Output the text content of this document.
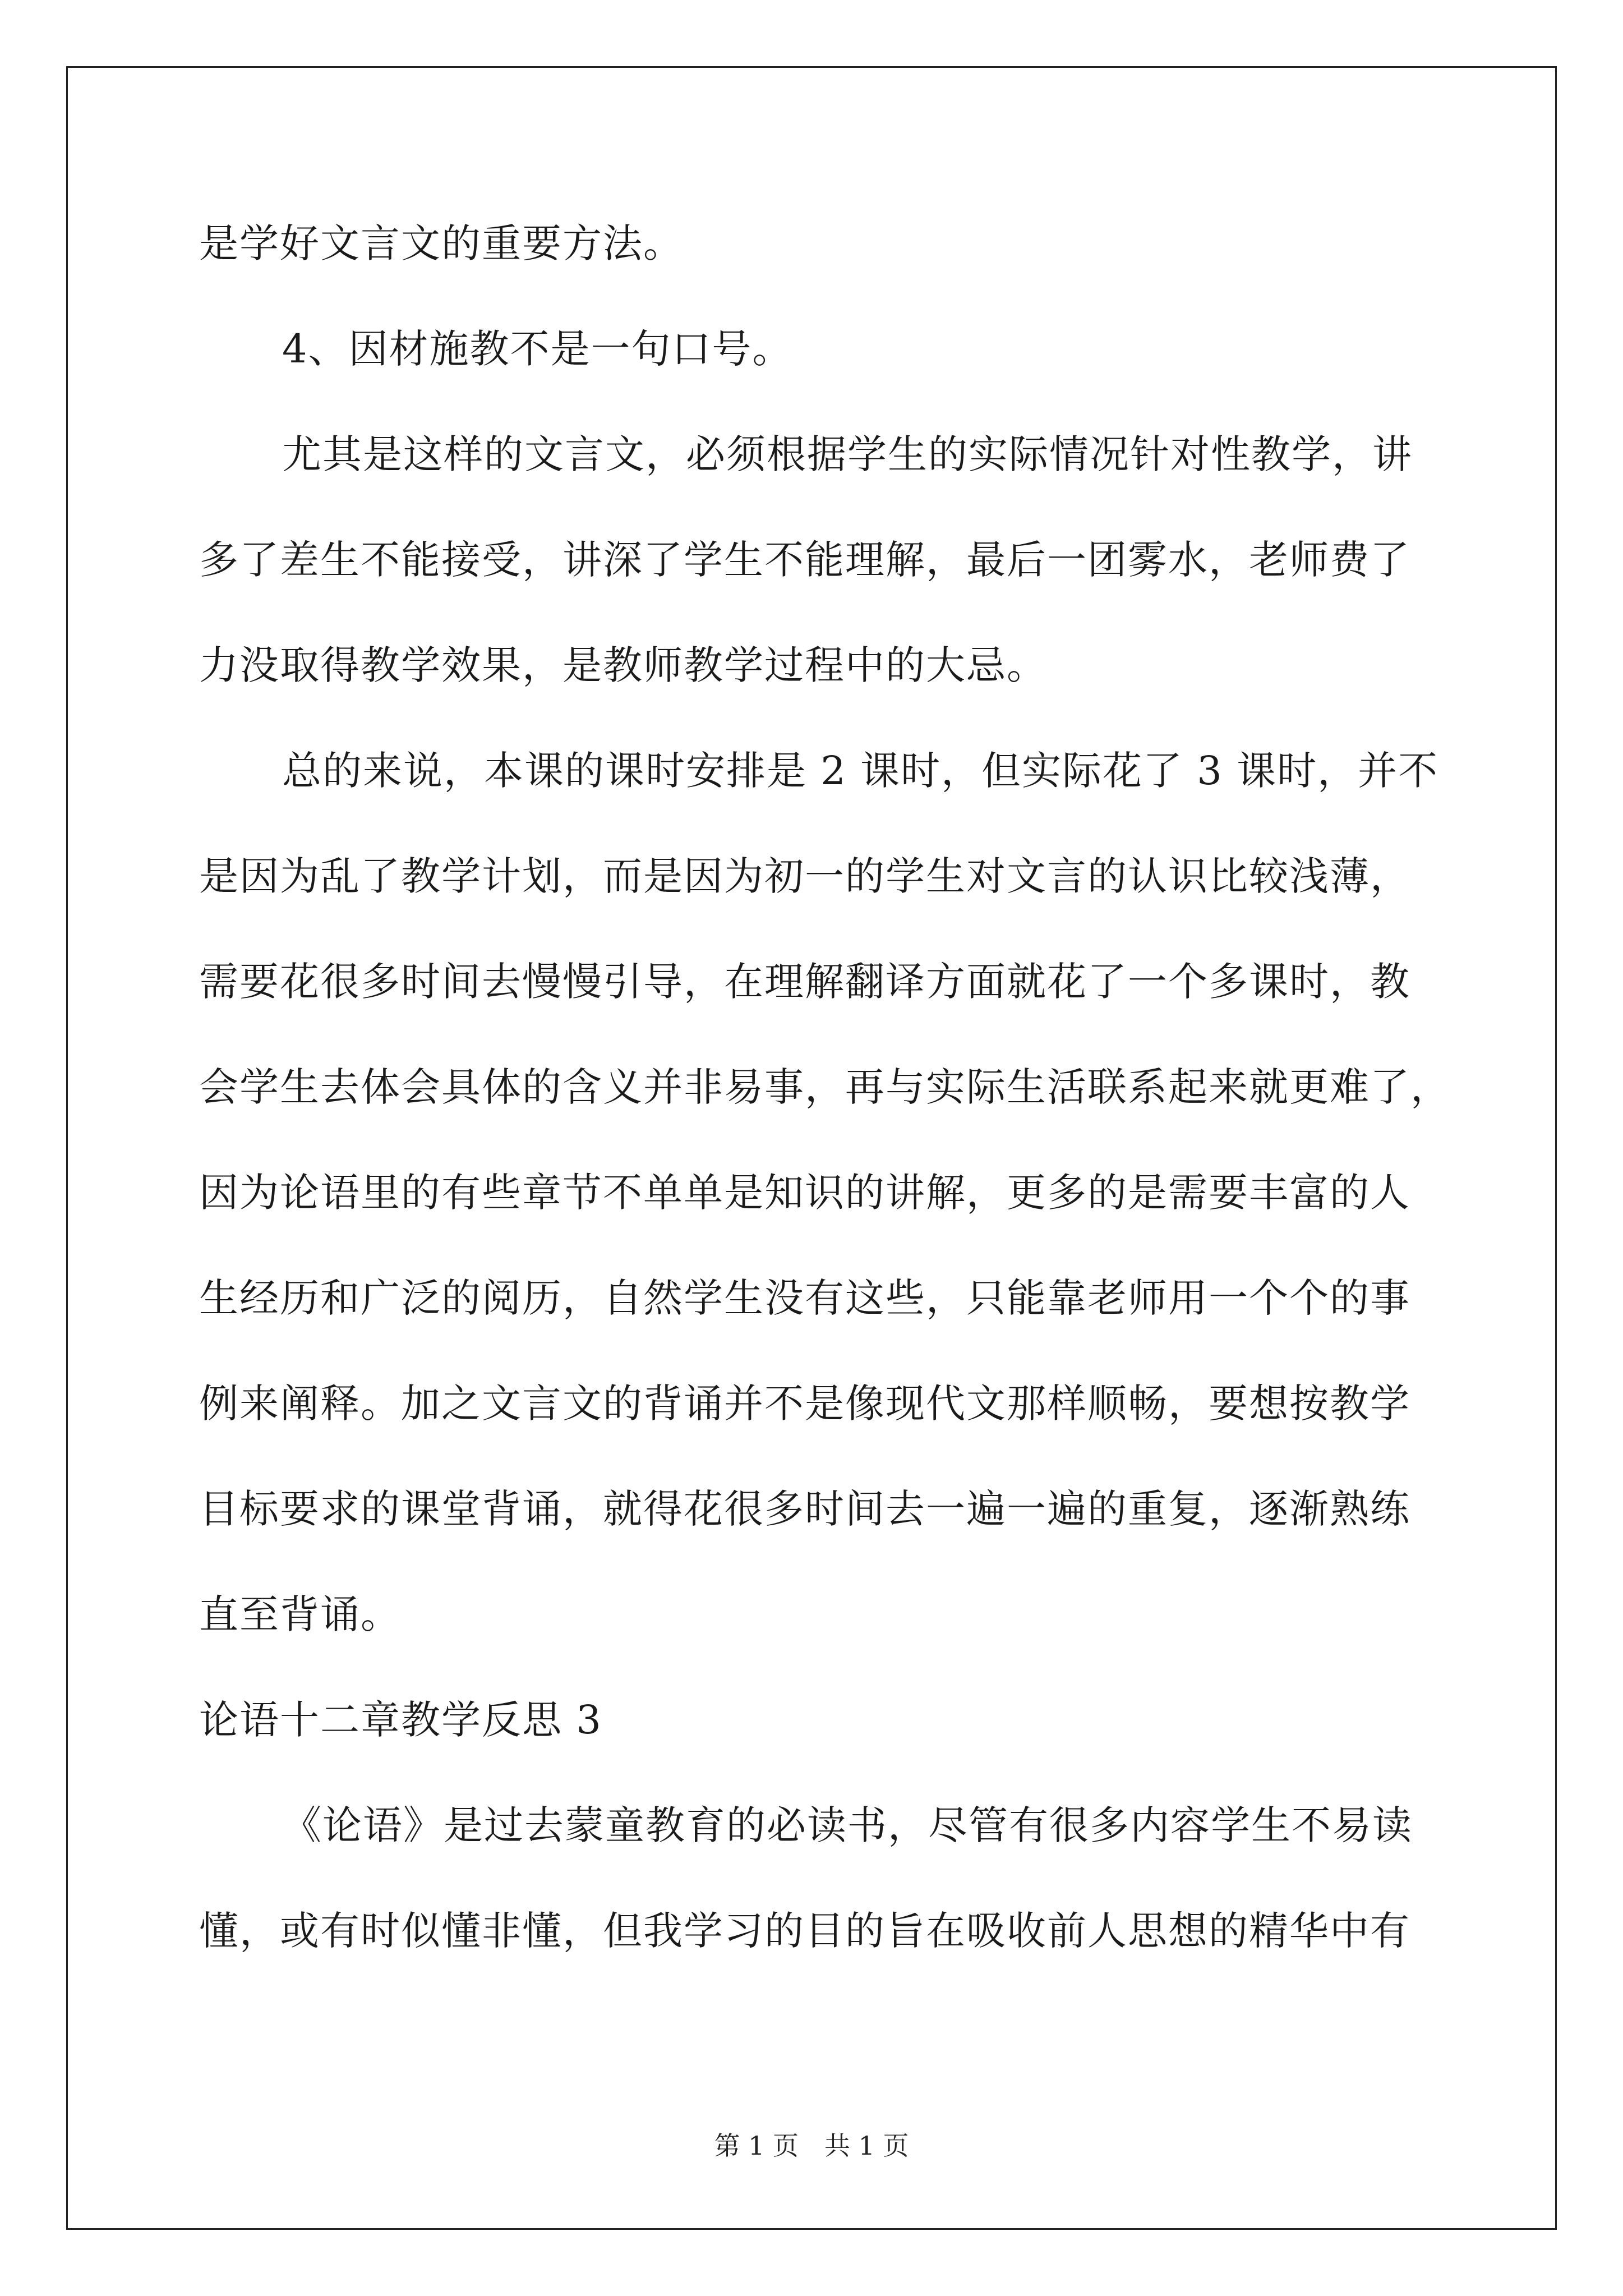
是学好文言文的重要方法。
4、因材施教不是一句口号。
尤其是这样的文言文，必须根据学生的实际情况针对性教学，讲
多了差生不能接受，讲深了学生不能理解，最后一团雾水，老师费了
力没取得教学效果，是教师教学过程中的大忌。
总的来说，本课的课时安排是 2 课时，但实际花了 3 课时，并不
是因为乱了教学计划，而是因为初一的学生对文言的认识比较浅薄，
需要花很多时间去慢慢引导，在理解翻译方面就花了一个多课时，教
会学生去体会具体的含义并非易事，再与实际生活联系起来就更难了，
因为论语里的有些章节不单单是知识的讲解，更多的是需要丰富的人
生经历和广泛的阅历，自然学生没有这些，只能靠老师用一个个的事
例来阐释。加之文言文的背诵并不是像现代文那样顺畅，要想按教学
目标要求的课堂背诵，就得花很多时间去一遍一遍的重复，逐渐熟练
直至背诵。
论语十二章教学反思 3
《论语》是过去蒙童教育的必读书，尽管有很多内容学生不易读
懂，或有时似懂非懂，但我学习的目的旨在吸收前人思想的精华中有
第 1 页　共 1 页
